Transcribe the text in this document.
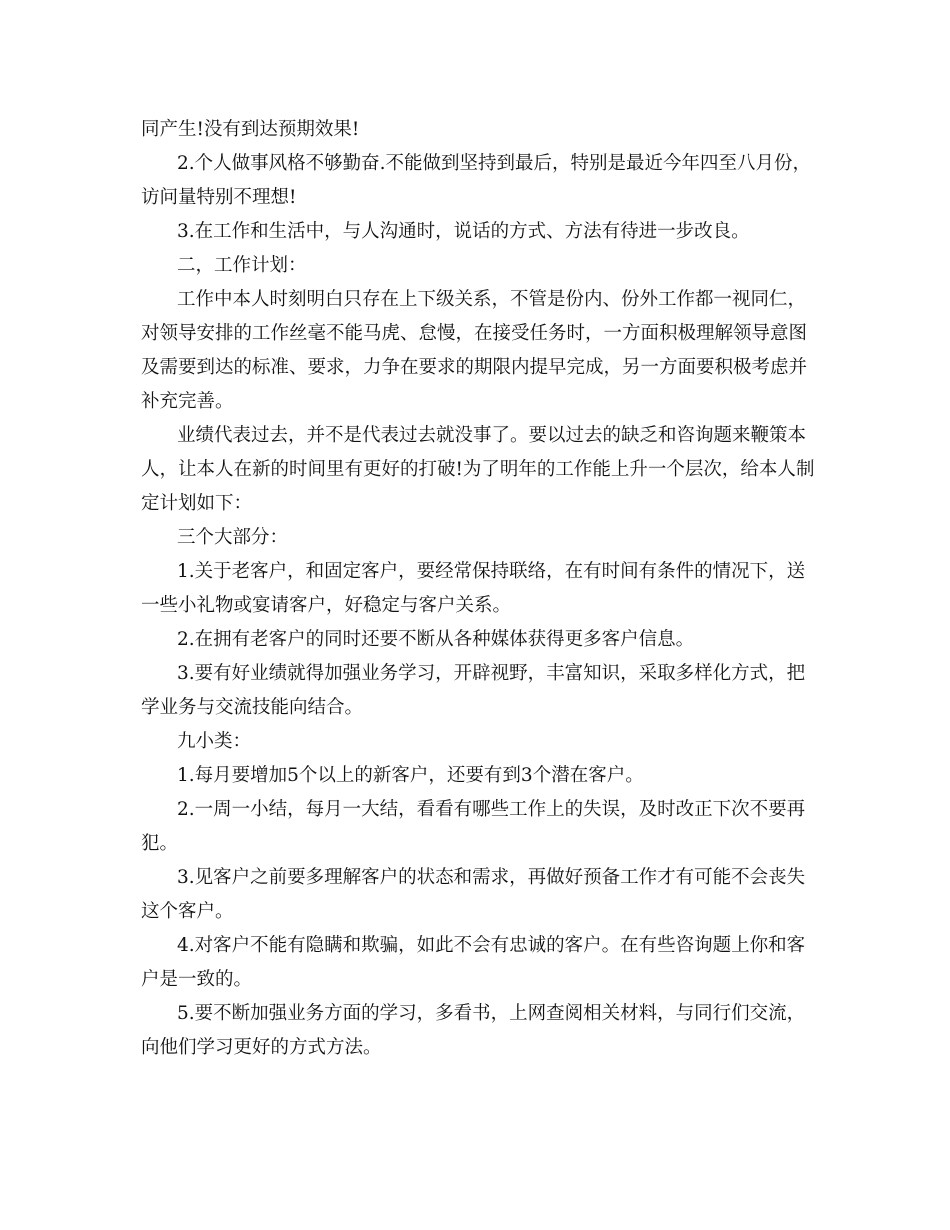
同产生!没有到达预期效果!

2.个人做事风格不够勤奋.不能做到坚持到最后，特别是最近今年四至八月份，访问量特别不理想!

3.在工作和生活中，与人沟通时，说话的方式、方法有待进一步改良。

二，工作计划：

工作中本人时刻明白只存在上下级关系，不管是份内、份外工作都一视同仁，对领导安排的工作丝毫不能马虎、怠慢，在接受任务时，一方面积极理解领导意图及需要到达的标准、要求，力争在要求的期限内提早完成，另一方面要积极考虑并补充完善。

业绩代表过去，并不是代表过去就没事了。要以过去的缺乏和咨询题来鞭策本人，让本人在新的时间里有更好的打破!为了明年的工作能上升一个层次，给本人制定计划如下：

三个大部分：

1.关于老客户，和固定客户，要经常保持联络，在有时间有条件的情况下，送一些小礼物或宴请客户，好稳定与客户关系。

2.在拥有老客户的同时还要不断从各种媒体获得更多客户信息。

3.要有好业绩就得加强业务学习，开辟视野，丰富知识，采取多样化方式，把学业务与交流技能向结合。

九小类：

1.每月要增加5个以上的新客户，还要有到3个潜在客户。

2.一周一小结，每月一大结，看看有哪些工作上的失误，及时改正下次不要再犯。

3.见客户之前要多理解客户的状态和需求，再做好预备工作才有可能不会丧失这个客户。

4.对客户不能有隐瞒和欺骗，如此不会有忠诚的客户。在有些咨询题上你和客户是一致的。

5.要不断加强业务方面的学习，多看书，上网查阅相关材料，与同行们交流，向他们学习更好的方式方法。
